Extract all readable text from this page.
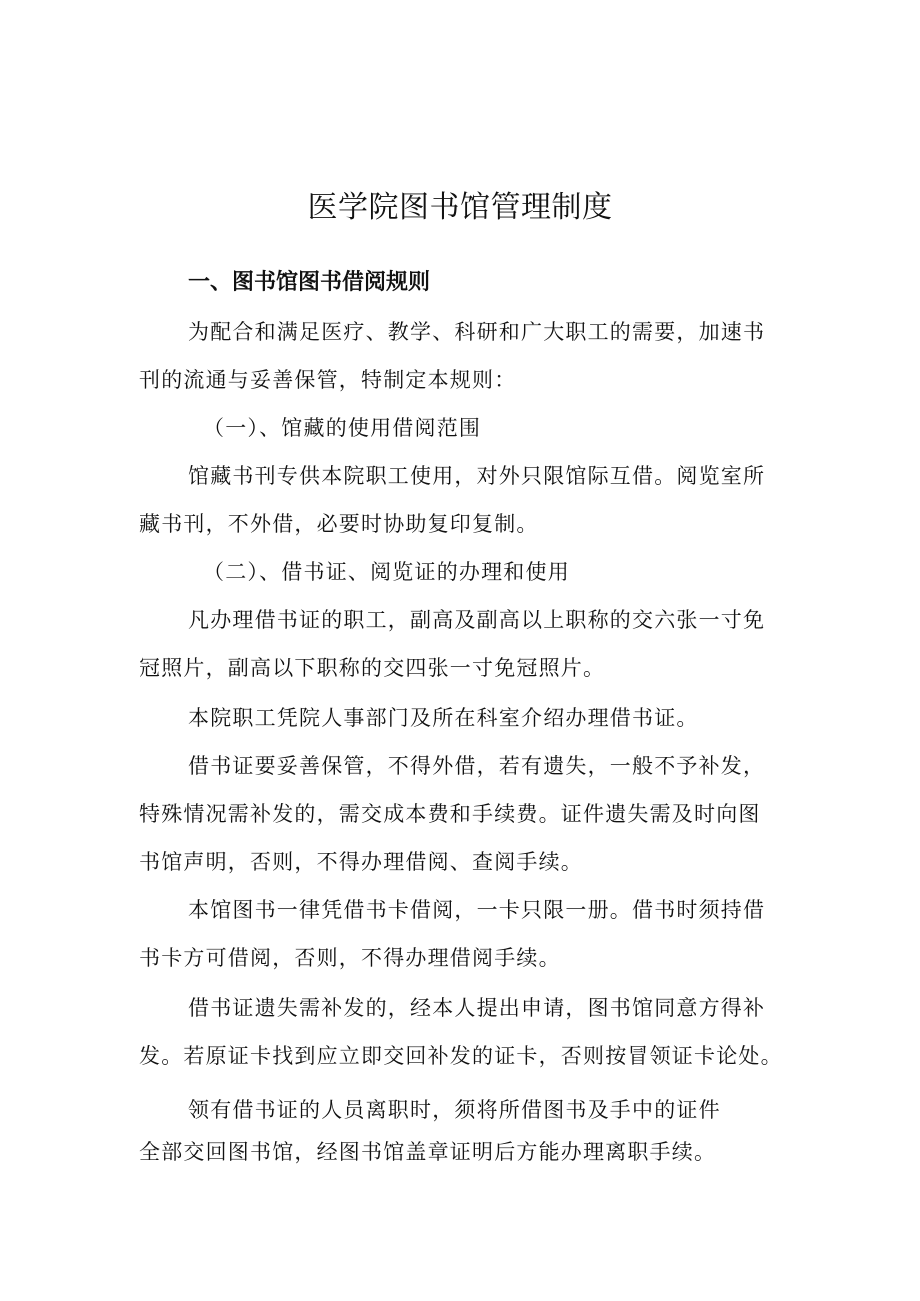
医学院图书馆管理制度
一、图书馆图书借阅规则
为配合和满足医疗、教学、科研和广大职工的需要，加速书
刊的流通与妥善保管，特制定本规则：
（一）、馆藏的使用借阅范围
馆藏书刊专供本院职工使用，对外只限馆际互借。阅览室所
藏书刊，不外借，必要时协助复印复制。
（二）、借书证、阅览证的办理和使用
凡办理借书证的职工，副高及副高以上职称的交六张一寸免
冠照片，副高以下职称的交四张一寸免冠照片。
本院职工凭院人事部门及所在科室介绍办理借书证。
借书证要妥善保管，不得外借，若有遗失，一般不予补发，
特殊情况需补发的，需交成本费和手续费。证件遗失需及时向图
书馆声明，否则，不得办理借阅、查阅手续。
本馆图书一律凭借书卡借阅，一卡只限一册。借书时须持借
书卡方可借阅，否则，不得办理借阅手续。
借书证遗失需补发的，经本人提出申请，图书馆同意方得补
发。若原证卡找到应立即交回补发的证卡，否则按冒领证卡论处。
领有借书证的人员离职时，须将所借图书及手中的证件
全部交回图书馆，经图书馆盖章证明后方能办理离职手续。
